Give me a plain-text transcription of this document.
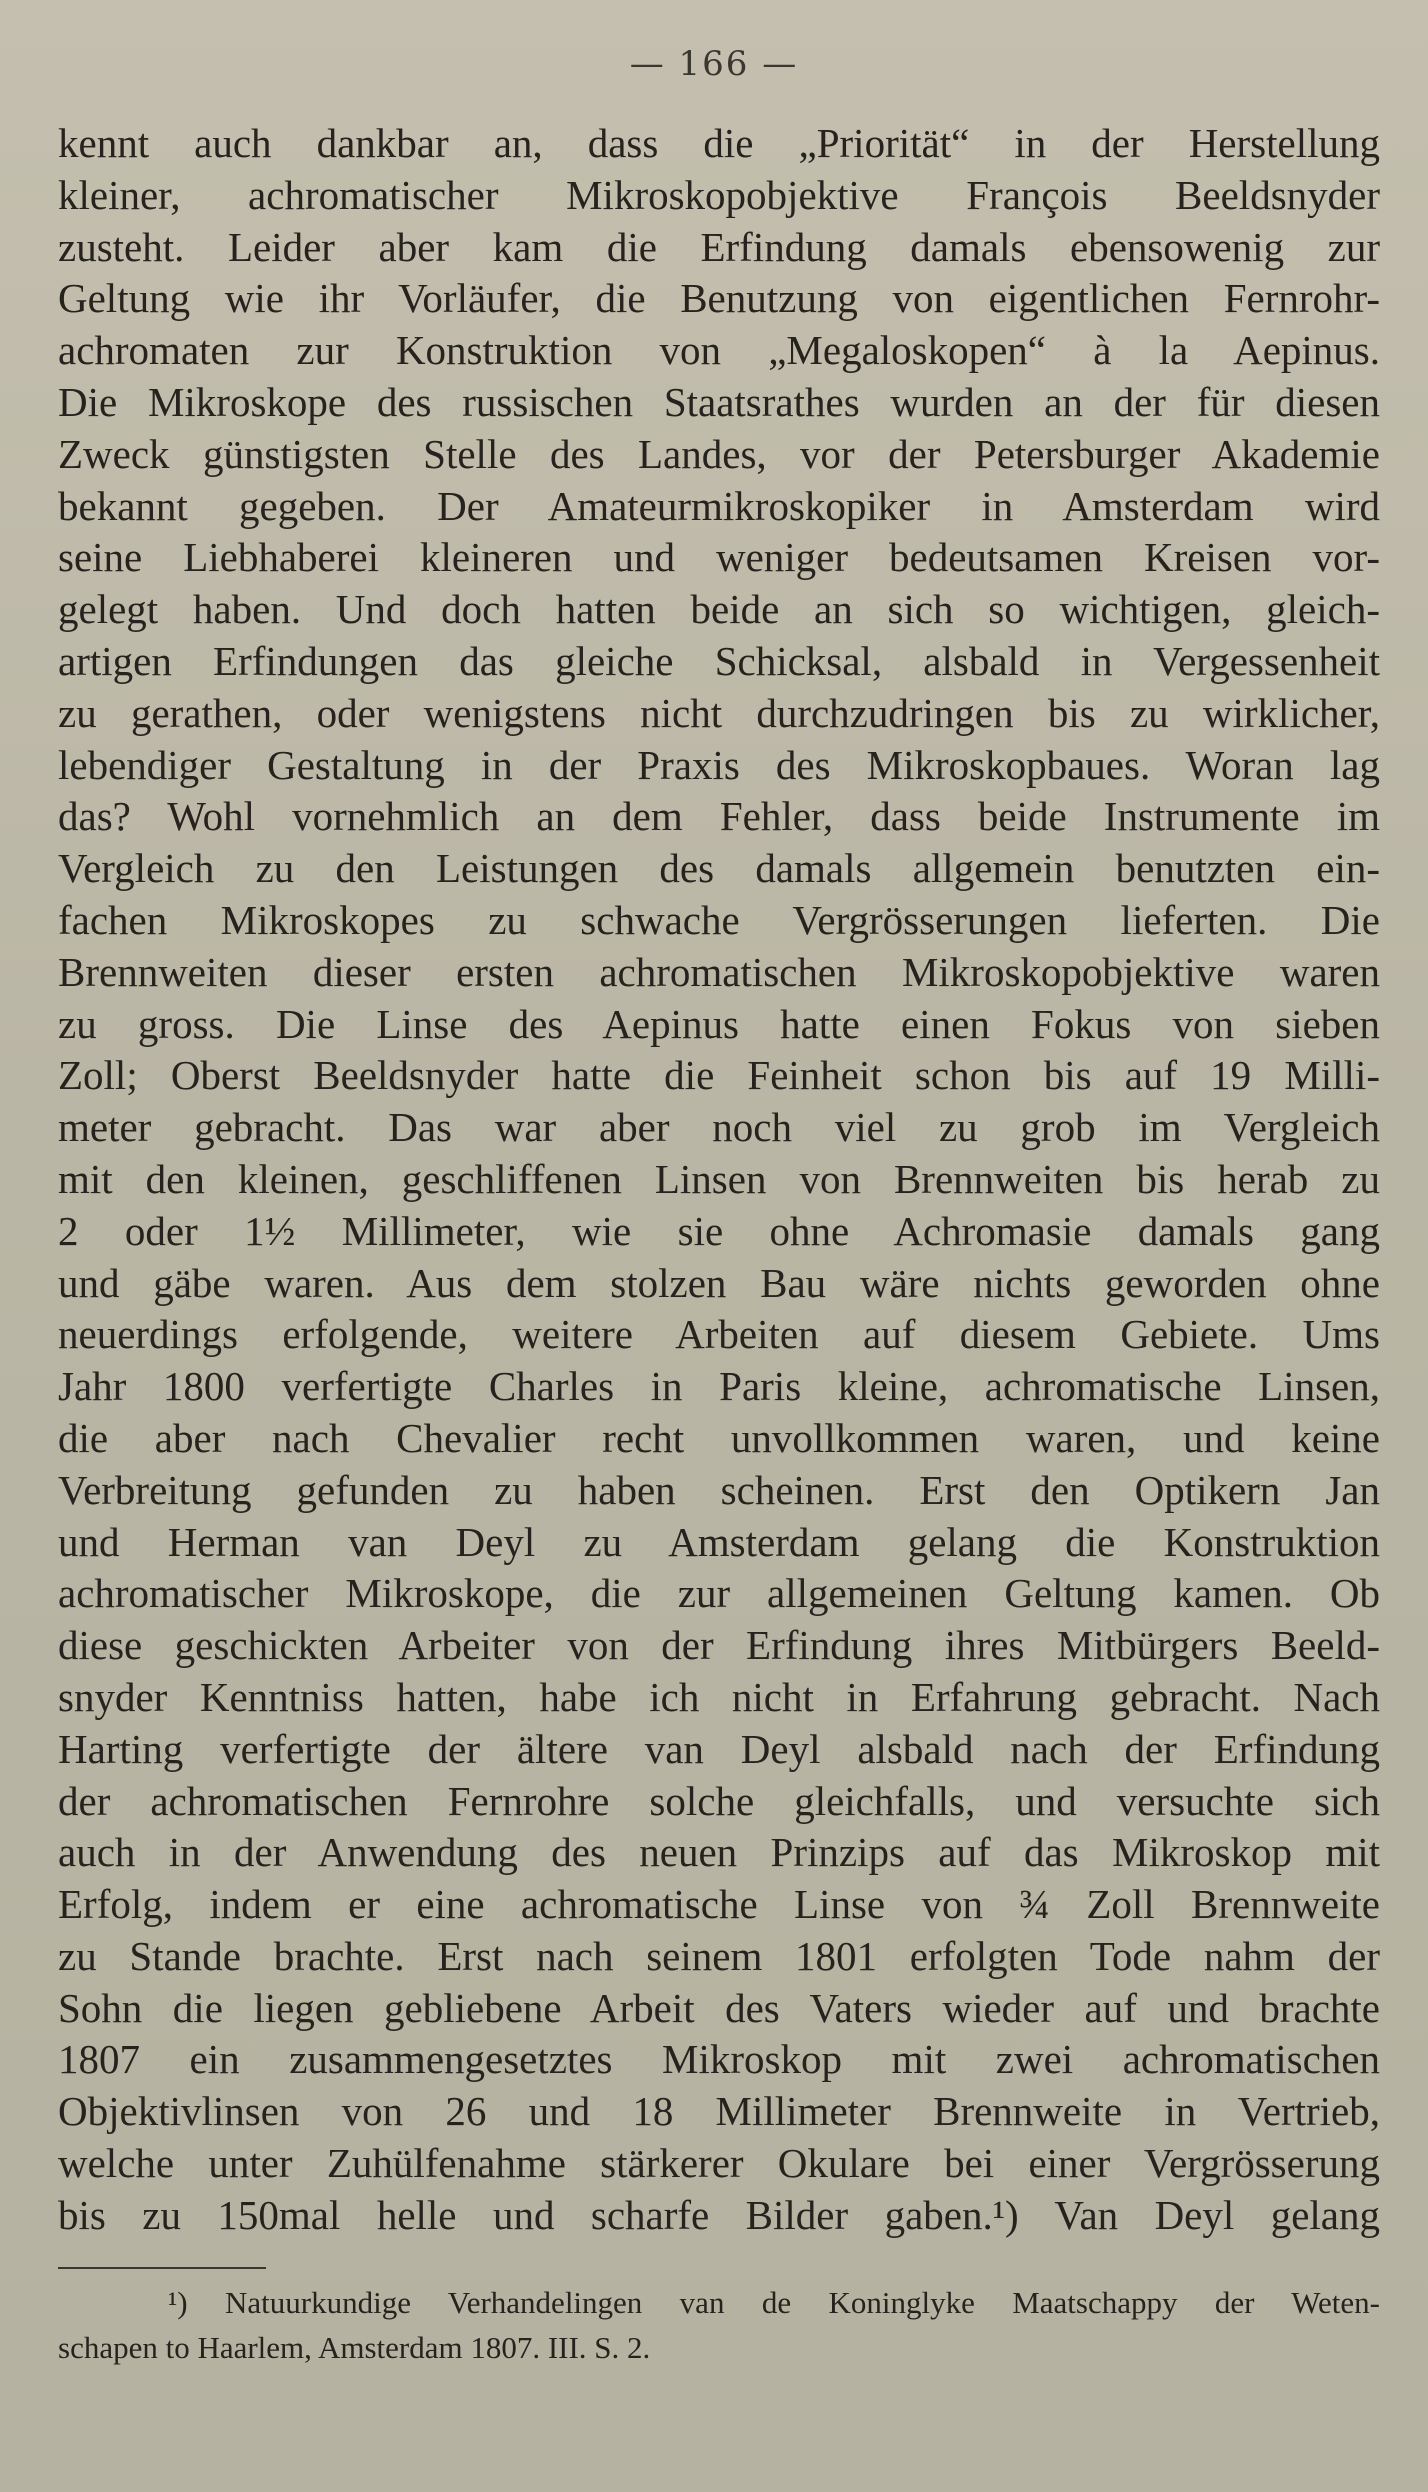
— 166 —
kennt auch dankbar an, dass die „Priorität“ in der Herstellung
kleiner, achromatischer Mikroskopobjektive François Beeldsnyder
zusteht. Leider aber kam die Erfindung damals ebensowenig zur
Geltung wie ihr Vorläufer, die Benutzung von eigentlichen Fernrohr-
achromaten zur Konstruktion von „Megaloskopen“ à la Aepinus.
Die Mikroskope des russischen Staatsrathes wurden an der für diesen
Zweck günstigsten Stelle des Landes, vor der Petersburger Akademie
bekannt gegeben. Der Amateurmikroskopiker in Amsterdam wird
seine Liebhaberei kleineren und weniger bedeutsamen Kreisen vor-
gelegt haben. Und doch hatten beide an sich so wichtigen, gleich-
artigen Erfindungen das gleiche Schicksal, alsbald in Vergessenheit
zu gerathen, oder wenigstens nicht durchzudringen bis zu wirklicher,
lebendiger Gestaltung in der Praxis des Mikroskopbaues. Woran lag
das? Wohl vornehmlich an dem Fehler, dass beide Instrumente im
Vergleich zu den Leistungen des damals allgemein benutzten ein-
fachen Mikroskopes zu schwache Vergrösserungen lieferten. Die
Brennweiten dieser ersten achromatischen Mikroskopobjektive waren
zu gross. Die Linse des Aepinus hatte einen Fokus von sieben
Zoll; Oberst Beeldsnyder hatte die Feinheit schon bis auf 19 Milli-
meter gebracht. Das war aber noch viel zu grob im Vergleich
mit den kleinen, geschliffenen Linsen von Brennweiten bis herab zu
2 oder 1½ Millimeter, wie sie ohne Achromasie damals gang
und gäbe waren. Aus dem stolzen Bau wäre nichts geworden ohne
neuerdings erfolgende, weitere Arbeiten auf diesem Gebiete. Ums
Jahr 1800 verfertigte Charles in Paris kleine, achromatische Linsen,
die aber nach Chevalier recht unvollkommen waren, und keine
Verbreitung gefunden zu haben scheinen. Erst den Optikern Jan
und Herman van Deyl zu Amsterdam gelang die Konstruktion
achromatischer Mikroskope, die zur allgemeinen Geltung kamen. Ob
diese geschickten Arbeiter von der Erfindung ihres Mitbürgers Beeld-
snyder Kenntniss hatten, habe ich nicht in Erfahrung gebracht. Nach
Harting verfertigte der ältere van Deyl alsbald nach der Erfindung
der achromatischen Fernrohre solche gleichfalls, und versuchte sich
auch in der Anwendung des neuen Prinzips auf das Mikroskop mit
Erfolg, indem er eine achromatische Linse von ¾ Zoll Brennweite
zu Stande brachte. Erst nach seinem 1801 erfolgten Tode nahm der
Sohn die liegen gebliebene Arbeit des Vaters wieder auf und brachte
1807 ein zusammengesetztes Mikroskop mit zwei achromatischen
Objektivlinsen von 26 und 18 Millimeter Brennweite in Vertrieb,
welche unter Zuhülfenahme stärkerer Okulare bei einer Vergrösserung
bis zu 150mal helle und scharfe Bilder gaben.¹) Van Deyl gelang
¹) Natuurkundige Verhandelingen van de Koninglyke Maatschappy der Weten-
schapen to Haarlem, Amsterdam 1807. III. S. 2.
